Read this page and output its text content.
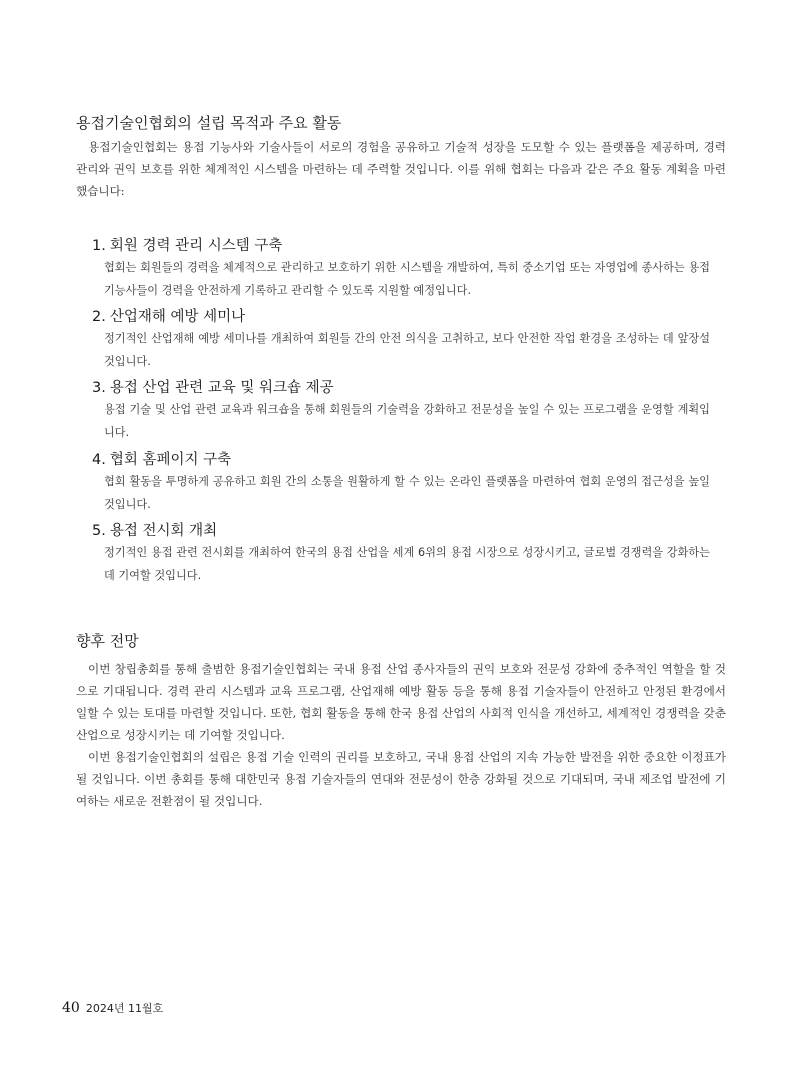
용접기술인협회의 설립 목적과 주요 활동

용접기술인협회는 용접 기능사와 기술사들이 서로의 경험을 공유하고 기술적 성장을 도모할 수 있는 플랫폼을 제공하며, 경력 관리와 권익 보호를 위한 체계적인 시스템을 마련하는 데 주력할 것입니다. 이를 위해 협회는 다음과 같은 주요 활동 계획을 마련했습니다:

1. 회원 경력 관리 시스템 구축

협회는 회원들의 경력을 체계적으로 관리하고 보호하기 위한 시스템을 개발하여, 특히 중소기업 또는 자영업에 종사하는 용접 기능사들이 경력을 안전하게 기록하고 관리할 수 있도록 지원할 예정입니다.

2. 산업재해 예방 세미나

정기적인 산업재해 예방 세미나를 개최하여 회원들 간의 안전 의식을 고취하고, 보다 안전한 작업 환경을 조성하는 데 앞장설 것입니다.

3. 용접 산업 관련 교육 및 워크숍 제공

용접 기술 및 산업 관련 교육과 워크숍을 통해 회원들의 기술력을 강화하고 전문성을 높일 수 있는 프로그램을 운영할 계획입니다.

4. 협회 홈페이지 구축

협회 활동을 투명하게 공유하고 회원 간의 소통을 원활하게 할 수 있는 온라인 플랫폼을 마련하여 협회 운영의 접근성을 높일 것입니다.

5. 용접 전시회 개최

정기적인 용접 관련 전시회를 개최하여 한국의 용접 산업을 세계 6위의 용접 시장으로 성장시키고, 글로벌 경쟁력을 강화하는 데 기여할 것입니다.

향후 전망

이번 창립총회를 통해 출범한 용접기술인협회는 국내 용접 산업 종사자들의 권익 보호와 전문성 강화에 중추적인 역할을 할 것으로 기대됩니다. 경력 관리 시스템과 교육 프로그램, 산업재해 예방 활동 등을 통해 용접 기술자들이 안전하고 안정된 환경에서 일할 수 있는 토대를 마련할 것입니다. 또한, 협회 활동을 통해 한국 용접 산업의 사회적 인식을 개선하고, 세계적인 경쟁력을 갖춘 산업으로 성장시키는 데 기여할 것입니다.

이번 용접기술인협회의 설립은 용접 기술 인력의 권리를 보호하고, 국내 용접 산업의 지속 가능한 발전을 위한 중요한 이정표가 될 것입니다. 이번 총회를 통해 대한민국 용접 기술자들의 연대와 전문성이 한층 강화될 것으로 기대되며, 국내 제조업 발전에 기여하는 새로운 전환점이 될 것입니다.

40 2024년 11월호
